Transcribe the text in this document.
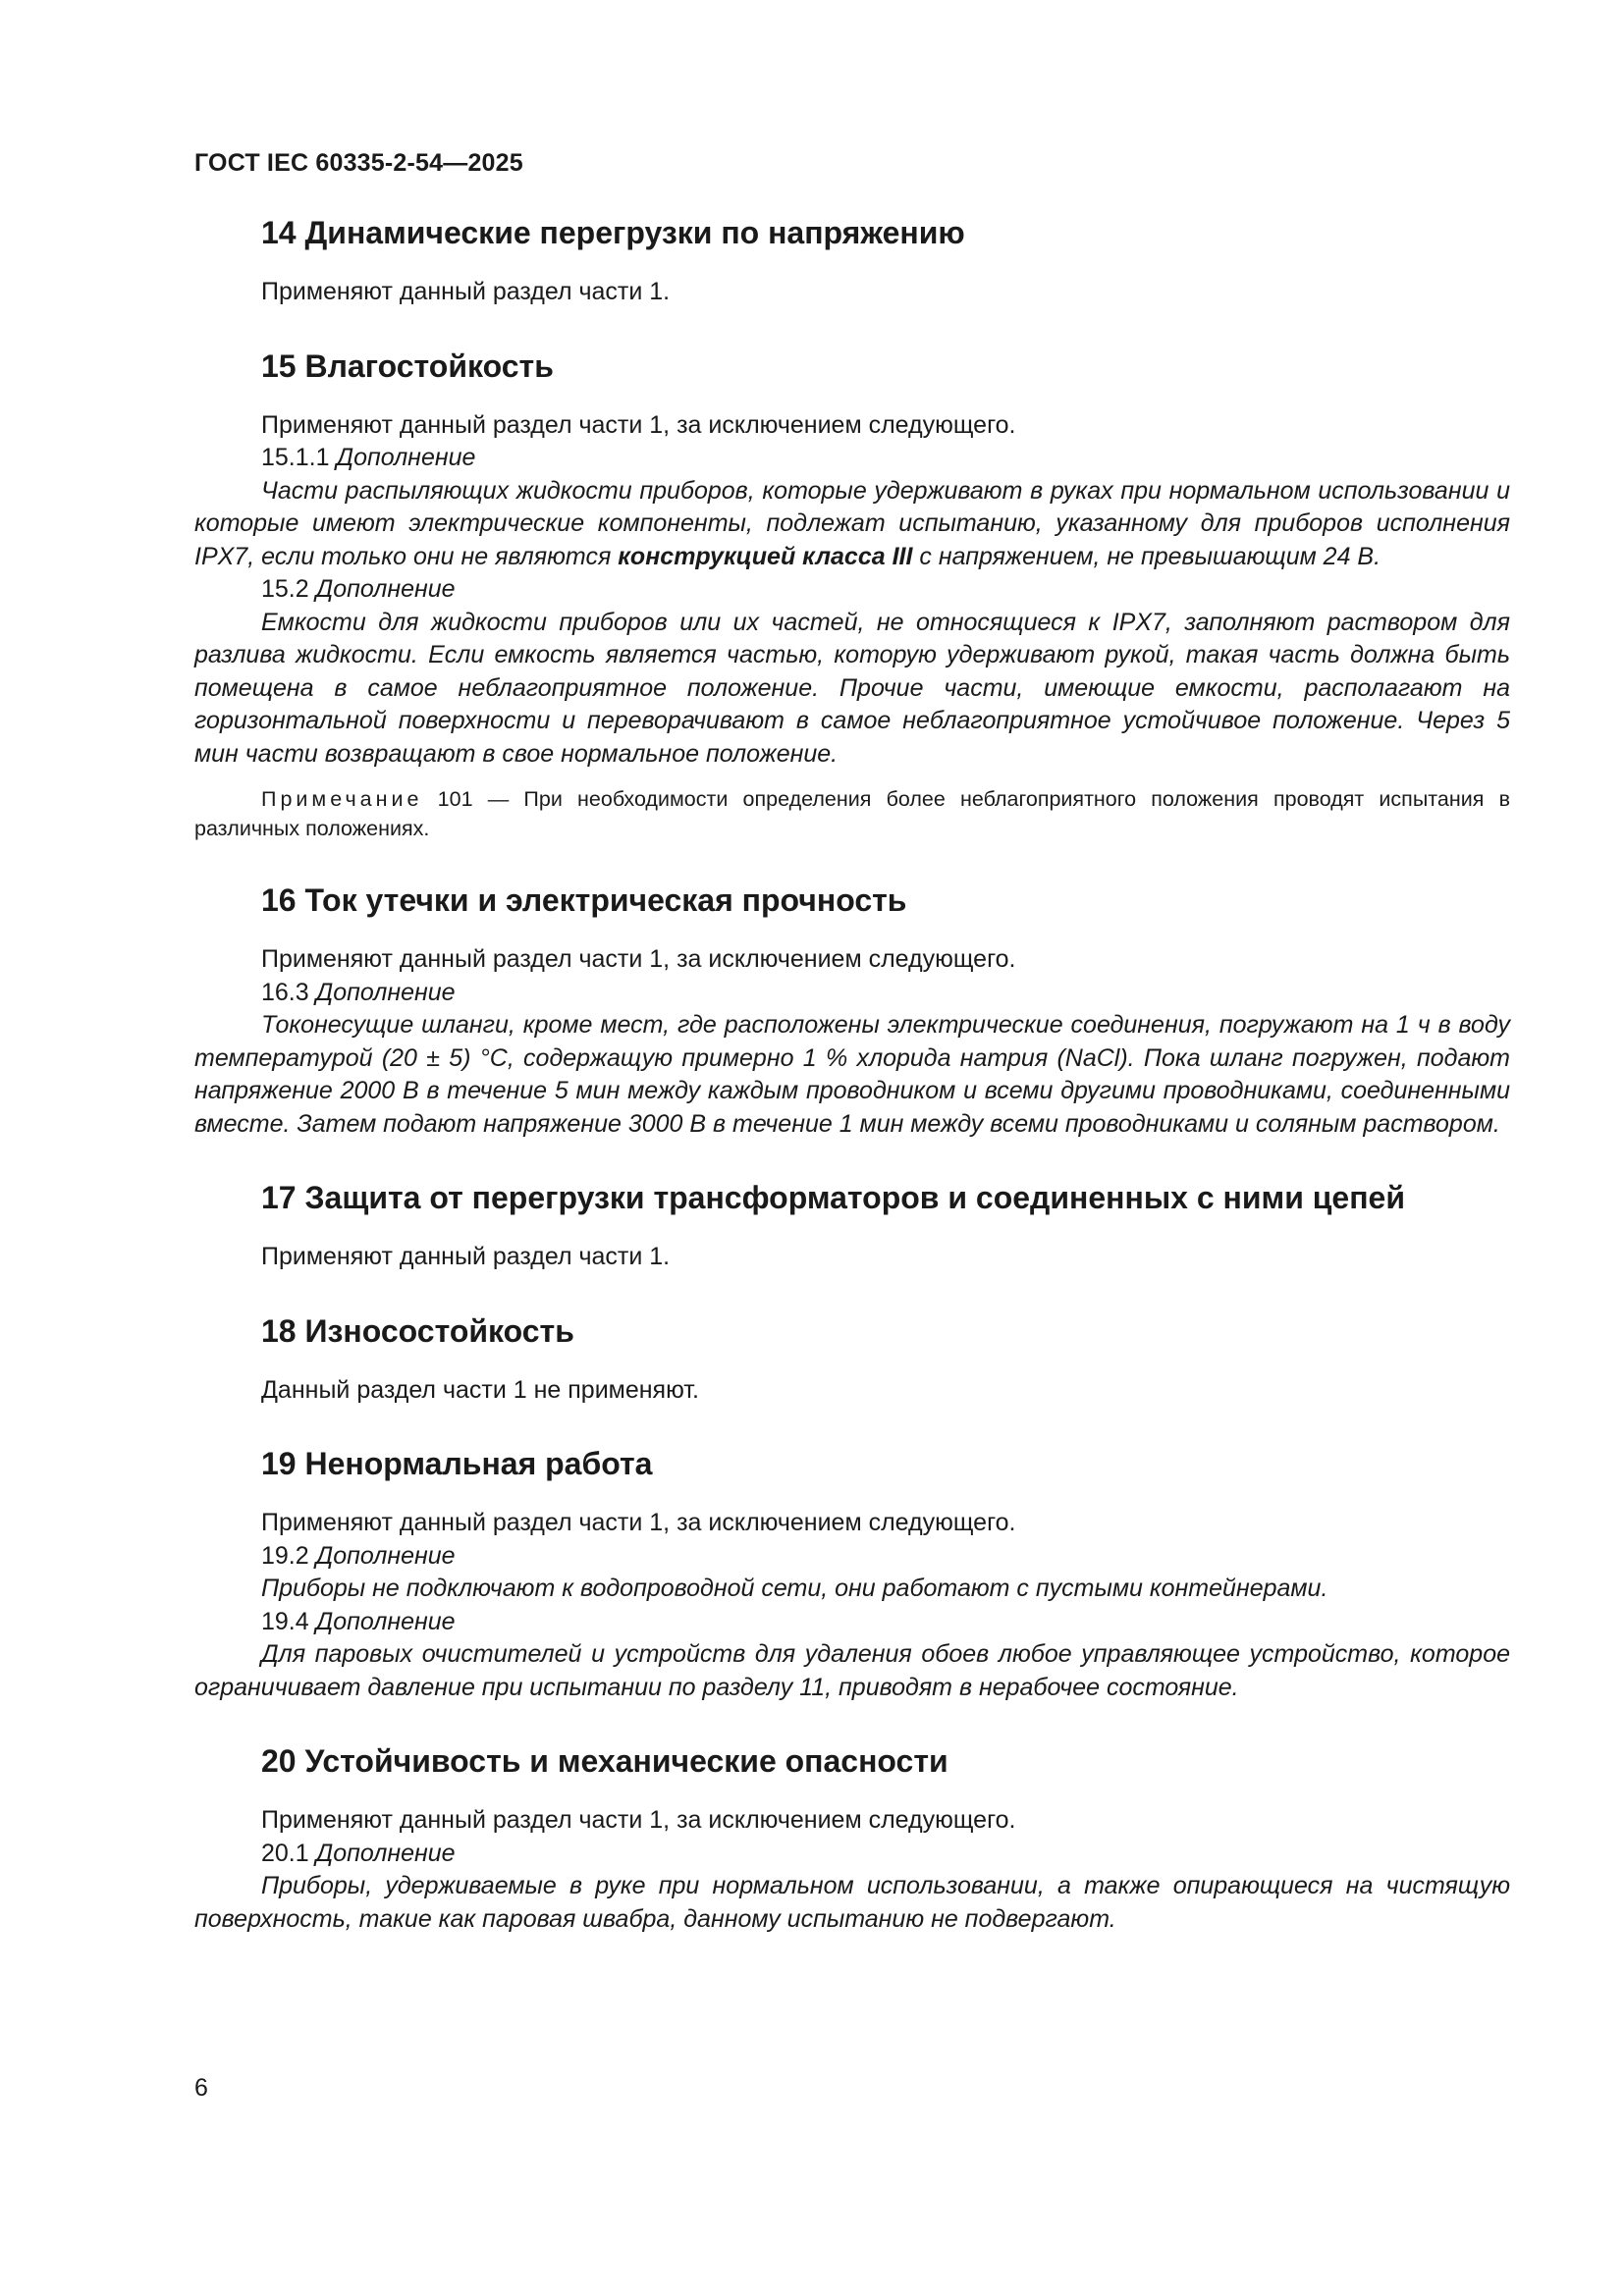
ГОСТ IEC 60335-2-54—2025
14 Динамические перегрузки по напряжению

Применяют данный раздел части 1.

15 Влагостойкость

Применяют данный раздел части 1, за исключением следующего.

15.1.1 Дополнение

Части распыляющих жидкости приборов, которые удерживают в руках при нормальном использовании и которые имеют электрические компоненты, подлежат испытанию, указанному для приборов исполнения IPX7, если только они не являются конструкцией класса III с напряжением, не превышающим 24 В.

15.2 Дополнение

Емкости для жидкости приборов или их частей, не относящиеся к IPX7, заполняют раствором для разлива жидкости. Если емкость является частью, которую удерживают рукой, такая часть должна быть помещена в самое неблагоприятное положение. Прочие части, имеющие емкости, располагают на горизонтальной поверхности и переворачивают в самое неблагоприятное устойчивое положение. Через 5 мин части возвращают в свое нормальное положение.

Примечание 101 — При необходимости определения более неблагоприятного положения проводят испытания в различных положениях.

16 Ток утечки и электрическая прочность

Применяют данный раздел части 1, за исключением следующего.

16.3 Дополнение

Токонесущие шланги, кроме мест, где расположены электрические соединения, погружают на 1 ч в воду температурой (20 ± 5) °C, содержащую примерно 1 % хлорида натрия (NaCl). Пока шланг погружен, подают напряжение 2000 В в течение 5 мин между каждым проводником и всеми другими проводниками, соединенными вместе. Затем подают напряжение 3000 В в течение 1 мин между всеми проводниками и соляным раствором.

17 Защита от перегрузки трансформаторов и соединенных с ними цепей

Применяют данный раздел части 1.

18 Износостойкость

Данный раздел части 1 не применяют.

19 Ненормальная работа

Применяют данный раздел части 1, за исключением следующего.

19.2 Дополнение

Приборы не подключают к водопроводной сети, они работают с пустыми контейнерами.

19.4 Дополнение

Для паровых очистителей и устройств для удаления обоев любое управляющее устройство, которое ограничивает давление при испытании по разделу 11, приводят в нерабочее состояние.

20 Устойчивость и механические опасности

Применяют данный раздел части 1, за исключением следующего.

20.1 Дополнение

Приборы, удерживаемые в руке при нормальном использовании, а также опирающиеся на чистящую поверхность, такие как паровая швабра, данному испытанию не подвергают.

6
